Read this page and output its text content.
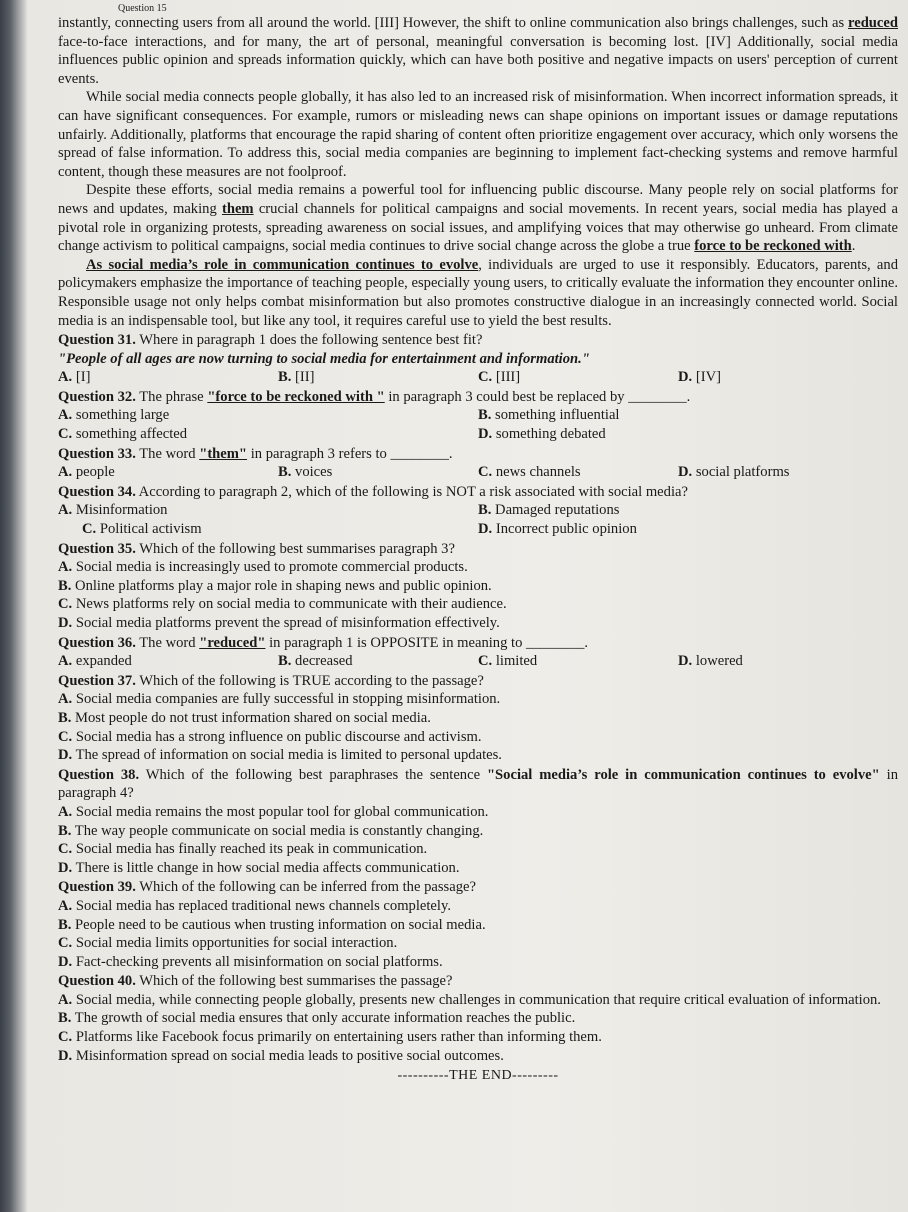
Question 15

instantly, connecting users from all around the world. [III] However, the shift to online communication also brings challenges, such as reduced face-to-face interactions, and for many, the art of personal, meaningful conversation is becoming lost. [IV] Additionally, social media influences public opinion and spreads information quickly, which can have both positive and negative impacts on users' perception of current events.

While social media connects people globally, it has also led to an increased risk of misinformation. When incorrect information spreads, it can have significant consequences. For example, rumors or misleading news can shape opinions on important issues or damage reputations unfairly. Additionally, platforms that encourage the rapid sharing of content often prioritize engagement over accuracy, which only worsens the spread of false information. To address this, social media companies are beginning to implement fact-checking systems and remove harmful content, though these measures are not foolproof.

Despite these efforts, social media remains a powerful tool for influencing public discourse. Many people rely on social platforms for news and updates, making them crucial channels for political campaigns and social movements. In recent years, social media has played a pivotal role in organizing protests, spreading awareness on social issues, and amplifying voices that may otherwise go unheard. From climate change activism to political campaigns, social media continues to drive social change across the globe a true force to be reckoned with.

As social media’s role in communication continues to evolve, individuals are urged to use it responsibly. Educators, parents, and policymakers emphasize the importance of teaching people, especially young users, to critically evaluate the information they encounter online. Responsible usage not only helps combat misinformation but also promotes constructive dialogue in an increasingly connected world. Social media is an indispensable tool, but like any tool, it requires careful use to yield the best results.

Question 31. Where in paragraph 1 does the following sentence best fit?

"People of all ages are now turning to social media for entertainment and information."

A. [I]	B. [II]	C. [III]	D. [IV]

Question 32. The phrase "force to be reckoned with " in paragraph 3 could best be replaced by ________.

A. something large	B. something influential
C. something affected	D. something debated

Question 33. The word "them" in paragraph 3 refers to ________.

A. people	B. voices	C. news channels	D. social platforms

Question 34. According to paragraph 2, which of the following is NOT a risk associated with social media?

A. Misinformation	B. Damaged reputations
C. Political activism	D. Incorrect public opinion

Question 35. Which of the following best summarises paragraph 3?

A. Social media is increasingly used to promote commercial products.

B. Online platforms play a major role in shaping news and public opinion.

C. News platforms rely on social media to communicate with their audience.

D. Social media platforms prevent the spread of misinformation effectively.

Question 36. The word "reduced" in paragraph 1 is OPPOSITE in meaning to ________.

A. expanded	B. decreased	C. limited	D. lowered

Question 37. Which of the following is TRUE according to the passage?

A. Social media companies are fully successful in stopping misinformation.

B. Most people do not trust information shared on social media.

C. Social media has a strong influence on public discourse and activism.

D. The spread of information on social media is limited to personal updates.

Question 38. Which of the following best paraphrases the sentence "Social media’s role in communication continues to evolve" in paragraph 4?

A. Social media remains the most popular tool for global communication.

B. The way people communicate on social media is constantly changing.

C. Social media has finally reached its peak in communication.

D. There is little change in how social media affects communication.

Question 39. Which of the following can be inferred from the passage?

A. Social media has replaced traditional news channels completely.

B. People need to be cautious when trusting information on social media.

C. Social media limits opportunities for social interaction.

D. Fact-checking prevents all misinformation on social platforms.

Question 40. Which of the following best summarises the passage?

A. Social media, while connecting people globally, presents new challenges in communication that require critical evaluation of information.

B. The growth of social media ensures that only accurate information reaches the public.

C. Platforms like Facebook focus primarily on entertaining users rather than informing them.

D. Misinformation spread on social media leads to positive social outcomes.

----------THE END---------
